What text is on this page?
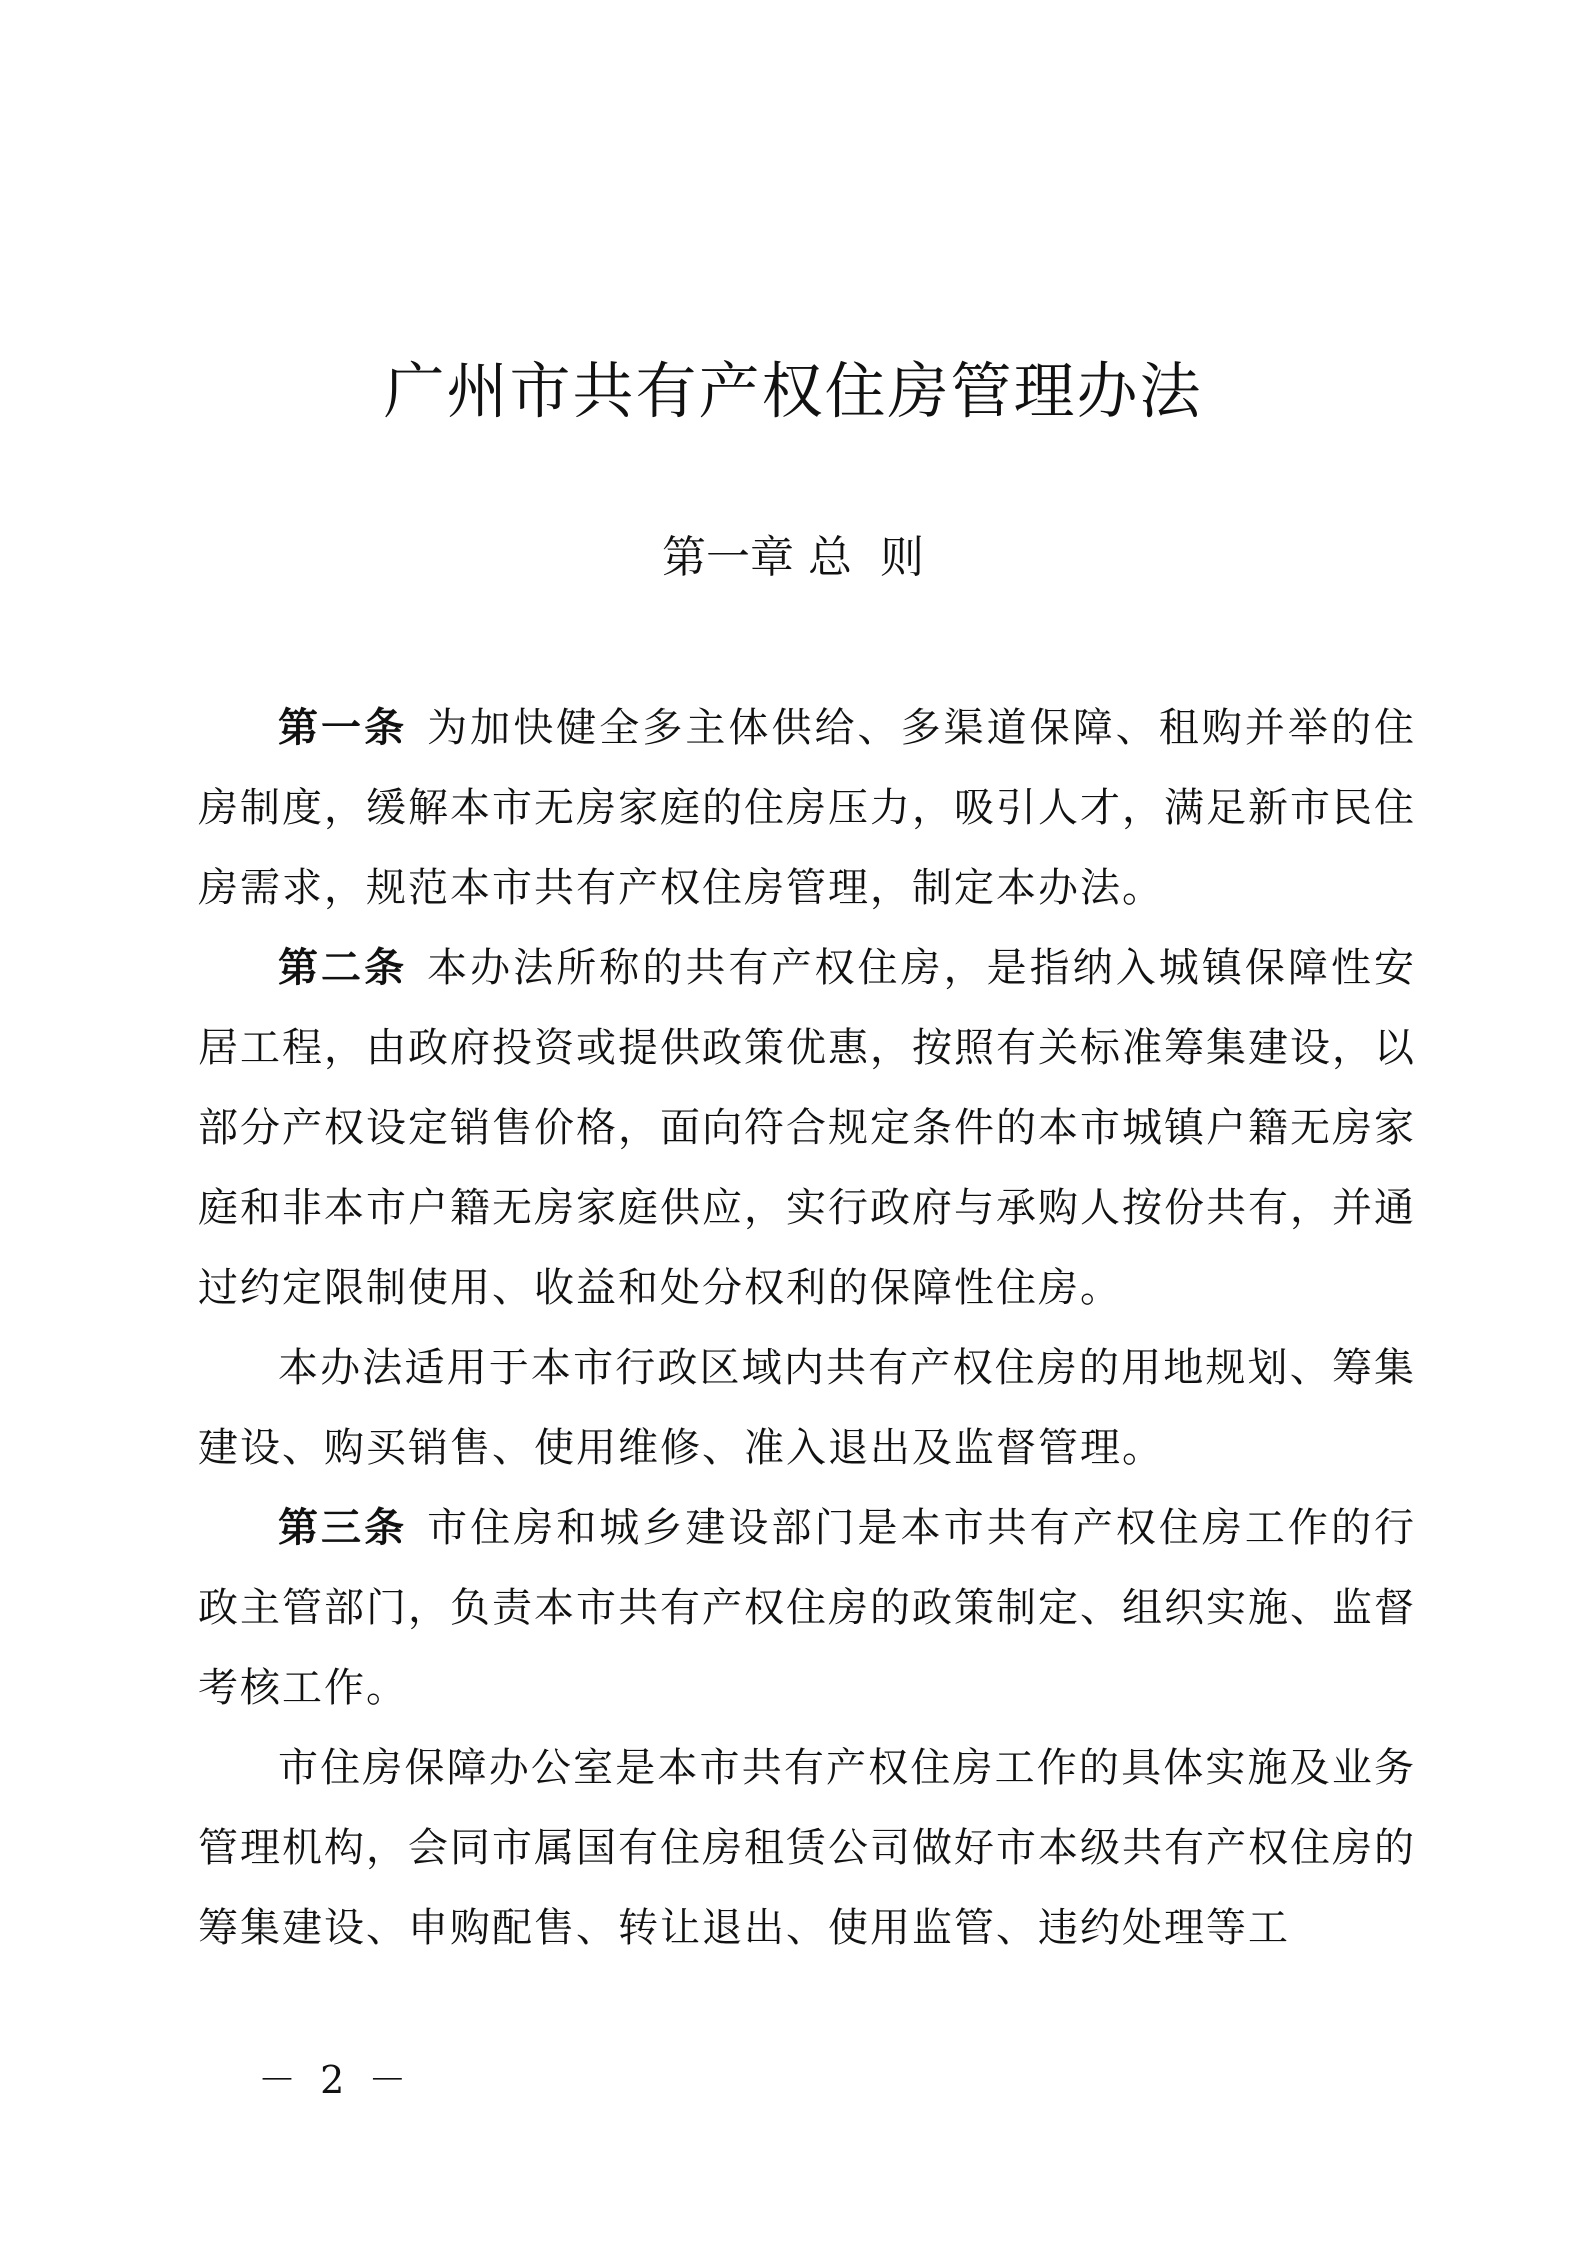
广州市共有产权住房管理办法
第一章 总  则

第一条 为加快健全多主体供给、多渠道保障、租购并举的住房制度，缓解本市无房家庭的住房压力，吸引人才，满足新市民住房需求，规范本市共有产权住房管理，制定本办法。

第二条 本办法所称的共有产权住房，是指纳入城镇保障性安居工程，由政府投资或提供政策优惠，按照有关标准筹集建设，以部分产权设定销售价格，面向符合规定条件的本市城镇户籍无房家庭和非本市户籍无房家庭供应，实行政府与承购人按份共有，并通过约定限制使用、收益和处分权利的保障性住房。

本办法适用于本市行政区域内共有产权住房的用地规划、筹集建设、购买销售、使用维修、准入退出及监督管理。

第三条 市住房和城乡建设部门是本市共有产权住房工作的行政主管部门，负责本市共有产权住房的政策制定、组织实施、监督考核工作。

市住房保障办公室是本市共有产权住房工作的具体实施及业务管理机构，会同市属国有住房租赁公司做好市本级共有产权住房的筹集建设、申购配售、转让退出、使用监管、违约处理等工

－ 2 －
